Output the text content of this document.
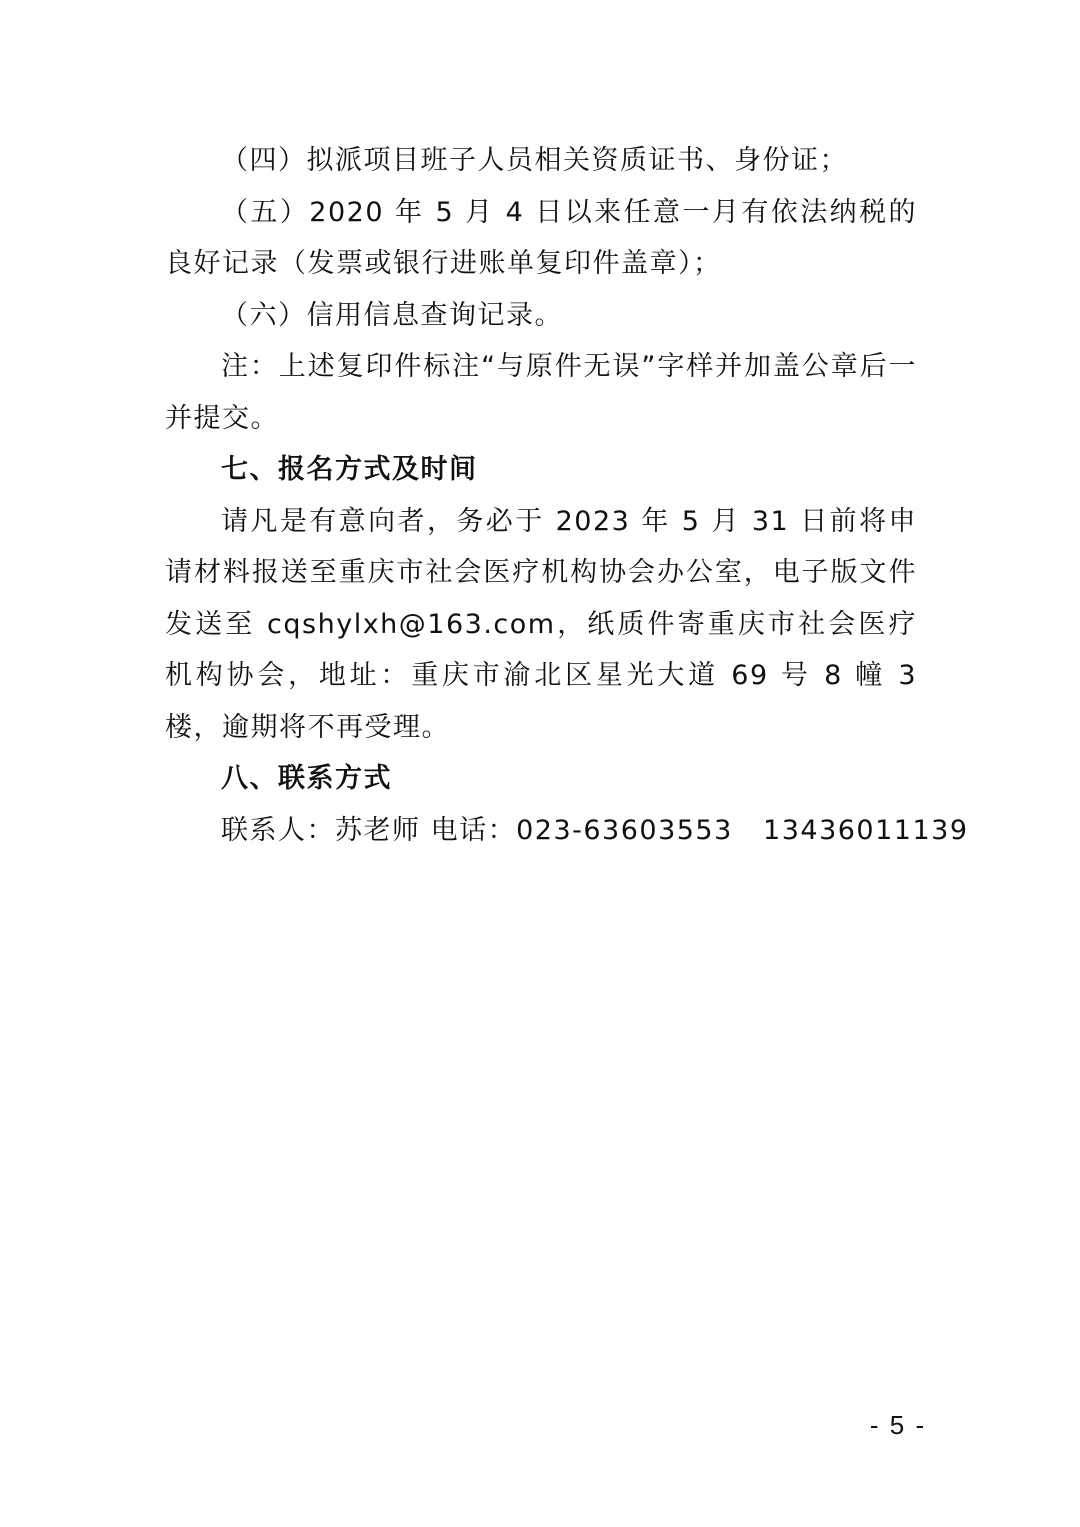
（四）拟派项目班子人员相关资质证书、身份证；

（五）2020 年 5 月 4 日以来任意一月有依法纳税的良好记录（发票或银行进账单复印件盖章）；

（六）信用信息查询记录。

注：上述复印件标注“与原件无误”字样并加盖公章后一并提交。

七、报名方式及时间

请凡是有意向者，务必于 2023 年 5 月 31 日前将申请材料报送至重庆市社会医疗机构协会办公室，电子版文件发送至 cqshylxh@163.com，纸质件寄重庆市社会医疗机构协会，地址：重庆市渝北区星光大道 69 号 8 幢 3 楼，逾期将不再受理。

八、联系方式

联系人：苏老师 电话：023-63603553   13436011139

- 5 -
